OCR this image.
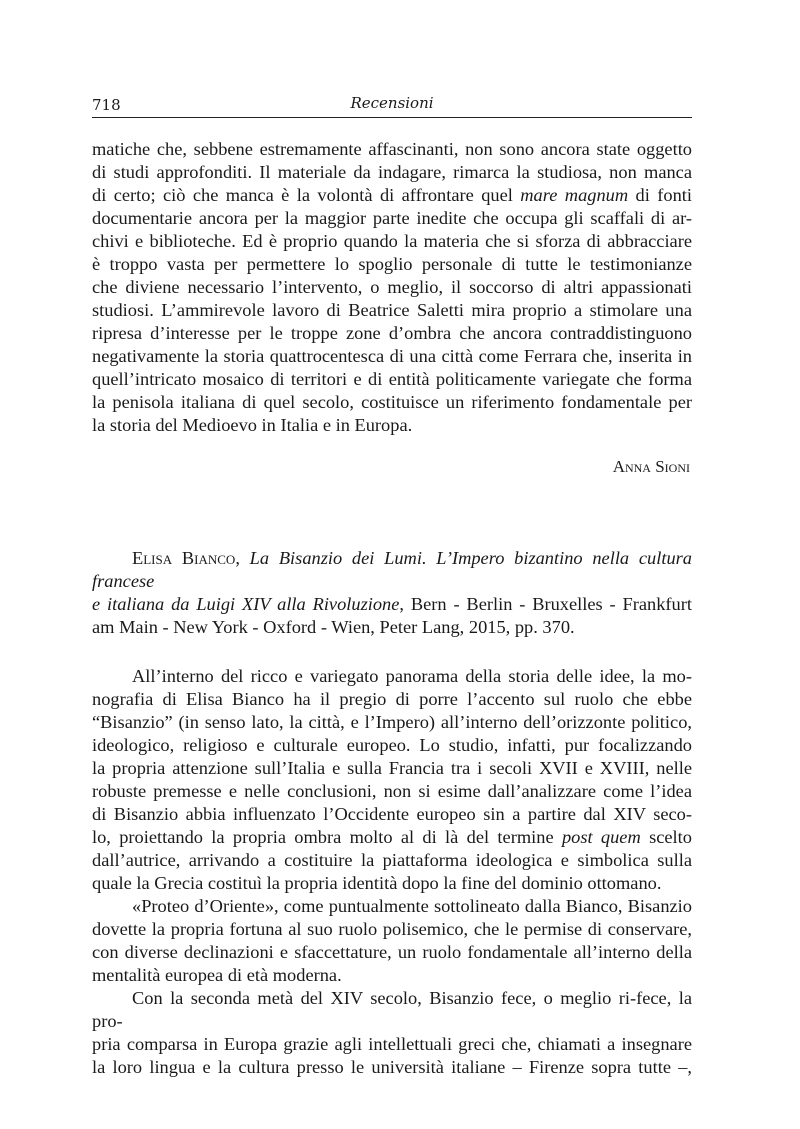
718	Recensioni
matiche che, sebbene estremamente affascinanti, non sono ancora state oggetto
di studi approfonditi. Il materiale da indagare, rimarca la studiosa, non manca
di certo; ciò che manca è la volontà di affrontare quel mare magnum di fonti
documentarie ancora per la maggior parte inedite che occupa gli scaffali di ar-
chivi e biblioteche. Ed è proprio quando la materia che si sforza di abbracciare
è troppo vasta per permettere lo spoglio personale di tutte le testimonianze
che diviene necessario l’intervento, o meglio, il soccorso di altri appassionati
studiosi. L’ammirevole lavoro di Beatrice Saletti mira proprio a stimolare una
ripresa d’interesse per le troppe zone d’ombra che ancora contraddistinguono
negativamente la storia quattrocentesca di una città come Ferrara che, inserita in
quell’intricato mosaico di territori e di entità politicamente variegate che forma
la penisola italiana di quel secolo, costituisce un riferimento fondamentale per
la storia del Medioevo in Italia e in Europa.
Anna Sioni
Elisa Bianco, La Bisanzio dei Lumi. L’Impero bizantino nella cultura francese
e italiana da Luigi XIV alla Rivoluzione, Bern - Berlin - Bruxelles - Frankfurt
am Main - New York - Oxford - Wien, Peter Lang, 2015, pp. 370.

All’interno del ricco e variegato panorama della storia delle idee, la mo-
nografia di Elisa Bianco ha il pregio di porre l’accento sul ruolo che ebbe
“Bisanzio” (in senso lato, la città, e l’Impero) all’interno dell’orizzonte politico,
ideologico, religioso e culturale europeo. Lo studio, infatti, pur focalizzando
la propria attenzione sull’Italia e sulla Francia tra i secoli XVII e XVIII, nelle
robuste premesse e nelle conclusioni, non si esime dall’analizzare come l’idea
di Bisanzio abbia influenzato l’Occidente europeo sin a partire dal XIV seco-
lo, proiettando la propria ombra molto al di là del termine post quem scelto
dall’autrice, arrivando a costituire la piattaforma ideologica e simbolica sulla
quale la Grecia costituì la propria identità dopo la fine del dominio ottomano.

«Proteo d’Oriente», come puntualmente sottolineato dalla Bianco, Bisanzio
dovette la propria fortuna al suo ruolo polisemico, che le permise di conservare,
con diverse declinazioni e sfaccettature, un ruolo fondamentale all’interno della
mentalità europea di età moderna.

Con la seconda metà del XIV secolo, Bisanzio fece, o meglio ri-fece, la pro-
pria comparsa in Europa grazie agli intellettuali greci che, chiamati a insegnare
la loro lingua e la cultura presso le università italiane – Firenze sopra tutte –,
